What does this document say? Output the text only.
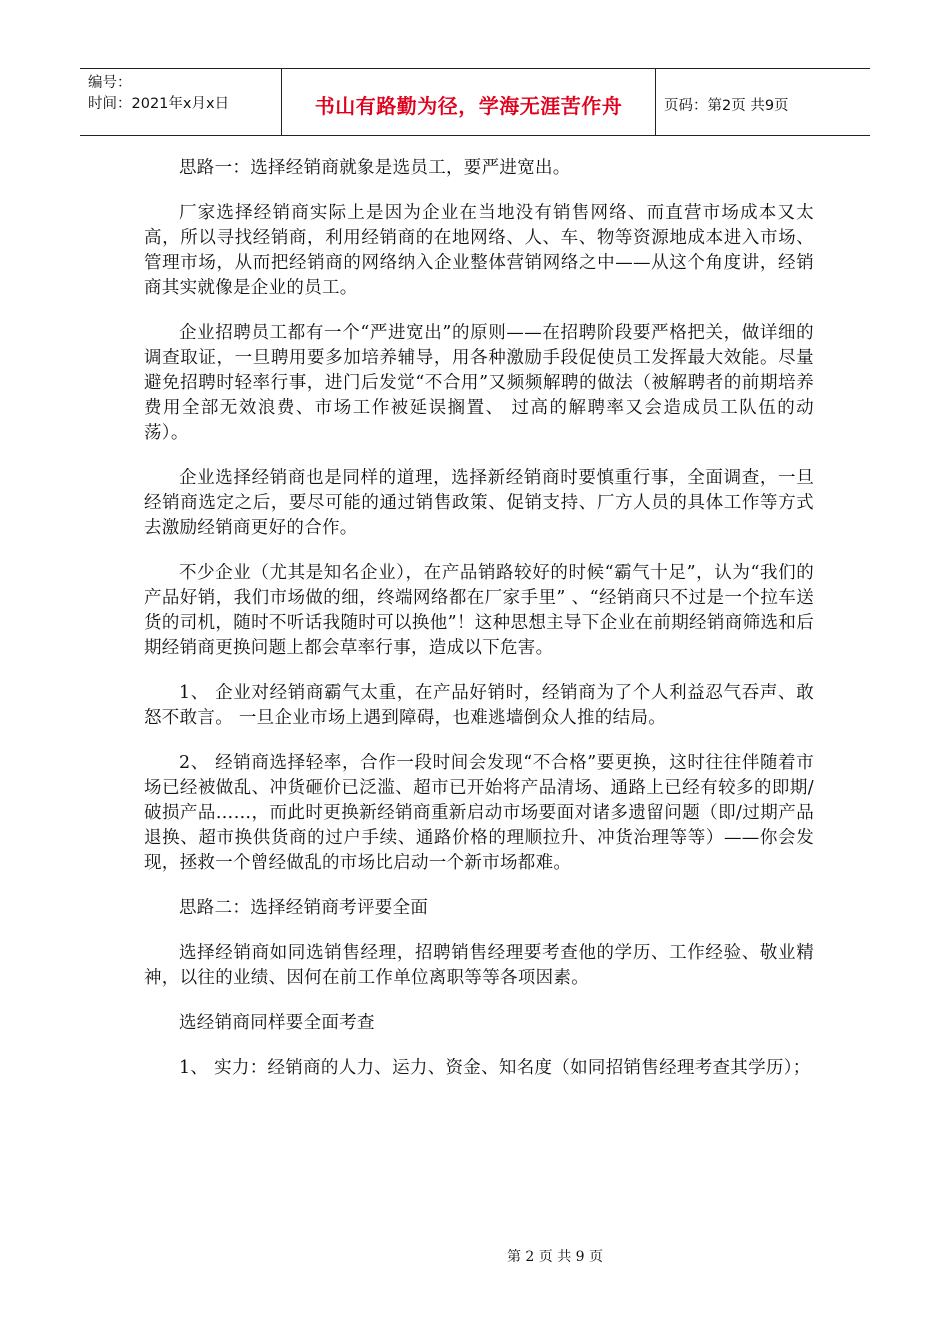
编号：
时间：2021年x月x日	书山有路勤为径，学海无涯苦作舟	页码：第2页 共9页

思路一：选择经销商就象是选员工，要严进宽出。

厂家选择经销商实际上是因为企业在当地没有销售网络、而直营市场成本又太高，所以寻找经销商，利用经销商的在地网络、人、车、物等资源地成本进入市场、管理市场，从而把经销商的网络纳入企业整体营销网络之中——从这个角度讲，经销商其实就像是企业的员工。

企业招聘员工都有一个“严进宽出”的原则——在招聘阶段要严格把关，做详细的调查取证，一旦聘用要多加培养辅导，用各种激励手段促使员工发挥最大效能。尽量避免招聘时轻率行事，进门后发觉“不合用”又频频解聘的做法（被解聘者的前期培养费用全部无效浪费、市场工作被延误搁置、 过高的解聘率又会造成员工队伍的动荡）。

企业选择经销商也是同样的道理，选择新经销商时要慎重行事，全面调查，一旦经销商选定之后，要尽可能的通过销售政策、促销支持、厂方人员的具体工作等方式去激励经销商更好的合作。

不少企业（尤其是知名企业），在产品销路较好的时候“霸气十足”，认为“我们的产品好销，我们市场做的细，终端网络都在厂家手里” 、“经销商只不过是一个拉车送货的司机，随时不听话我随时可以换他”！这种思想主导下企业在前期经销商筛选和后期经销商更换问题上都会草率行事，造成以下危害。

1、 企业对经销商霸气太重，在产品好销时，经销商为了个人利益忍气吞声、敢怒不敢言。 一旦企业市场上遇到障碍，也难逃墙倒众人推的结局。

2、 经销商选择轻率，合作一段时间会发现“不合格”要更换，这时往往伴随着市场已经被做乱、冲货砸价已泛滥、超市已开始将产品清场、通路上已经有较多的即期/破损产品……，而此时更换新经销商重新启动市场要面对诸多遗留问题（即/过期产品退换、超市换供货商的过户手续、通路价格的理顺拉升、冲货治理等等）——你会发现，拯救一个曾经做乱的市场比启动一个新市场都难。

思路二：选择经销商考评要全面

选择经销商如同选销售经理，招聘销售经理要考查他的学历、工作经验、敬业精神，以往的业绩、因何在前工作单位离职等等各项因素。

选经销商同样要全面考查

1、 实力：经销商的人力、运力、资金、知名度（如同招销售经理考查其学历）；

第 2 页 共 9 页
